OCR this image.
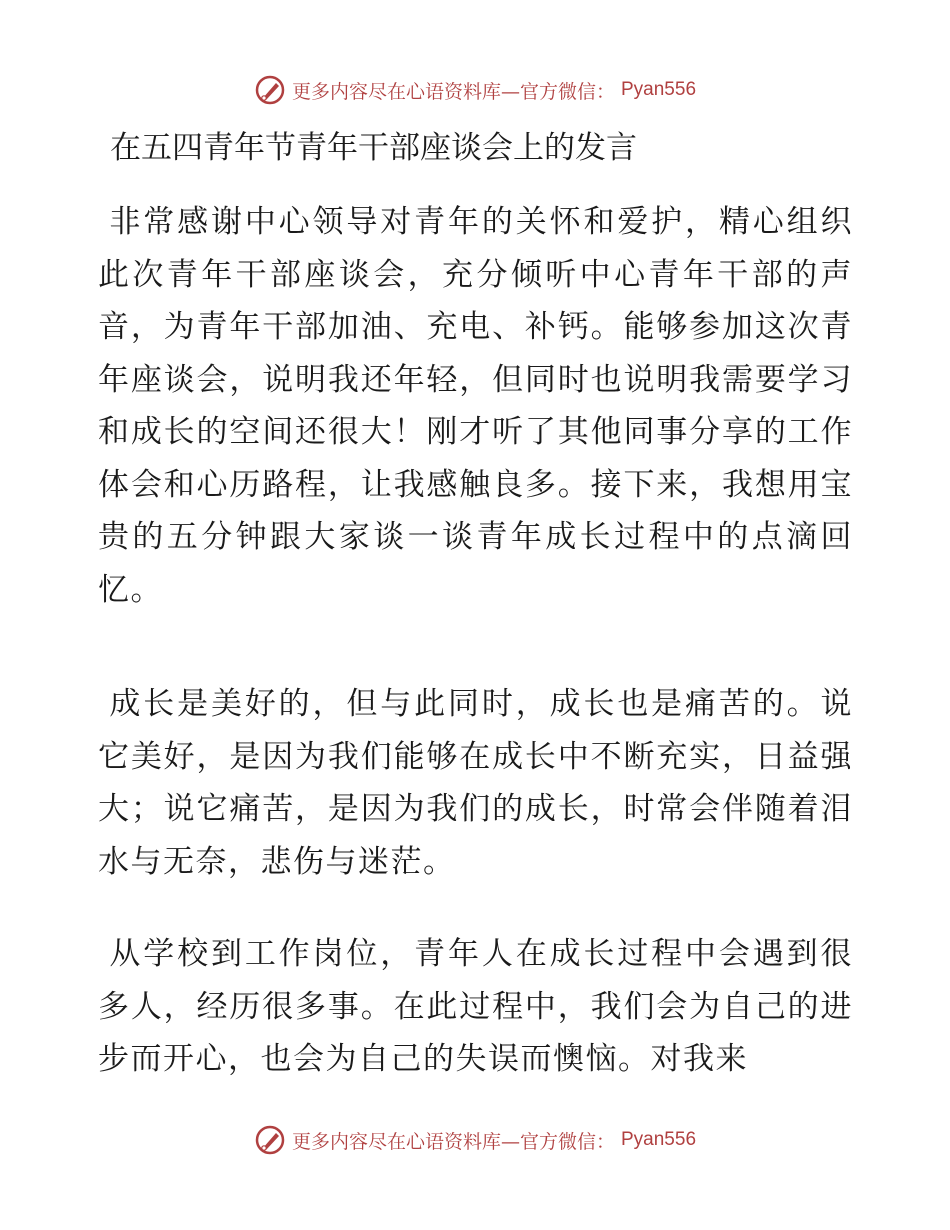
更多内容尽在心语资料库—官方微信： Pyan556
在五四青年节青年干部座谈会上的发言

非常感谢中心领导对青年的关怀和爱护，精心组织此次青年干部座谈会，充分倾听中心青年干部的声音，为青年干部加油、充电、补钙。能够参加这次青年座谈会，说明我还年轻，但同时也说明我需要学习和成长的空间还很大！刚才听了其他同事分享的工作体会和心历路程，让我感触良多。接下来，我想用宝贵的五分钟跟大家谈一谈青年成长过程中的点滴回忆。

成长是美好的，但与此同时，成长也是痛苦的。说它美好，是因为我们能够在成长中不断充实，日益强大；说它痛苦，是因为我们的成长，时常会伴随着泪水与无奈，悲伤与迷茫。

从学校到工作岗位，青年人在成长过程中会遇到很多人，经历很多事。在此过程中，我们会为自己的进步而开心，也会为自己的失误而懊恼。对我来

更多内容尽在心语资料库—官方微信： Pyan556
